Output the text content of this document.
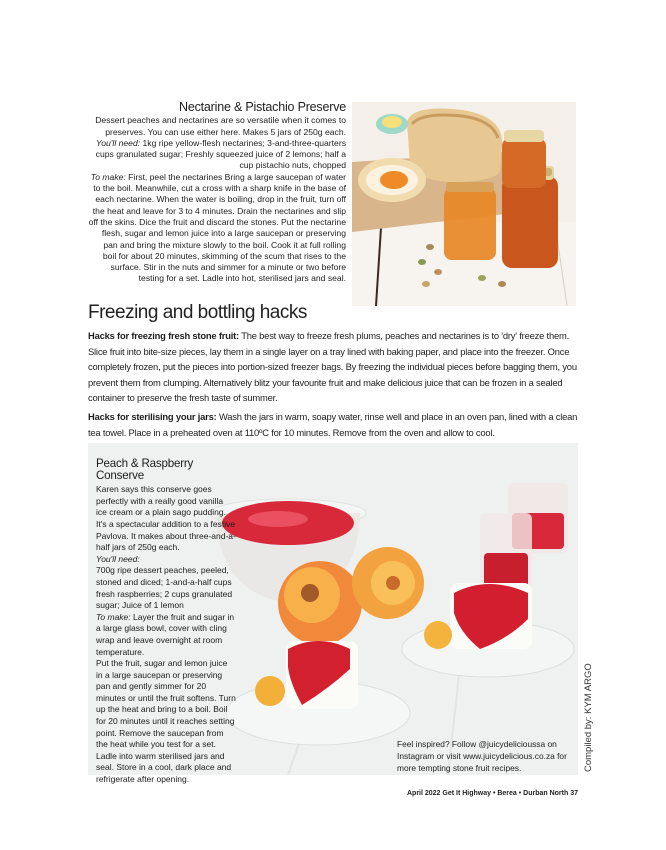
Nectarine & Pistachio Preserve

Dessert peaches and nectarines are so versatile when it comes to preserves. You can use either here. Makes 5 jars of 250g each.

You'll need: 1kg ripe yellow-flesh nectarines; 3-and-three-quarters cups granulated sugar; Freshly squeezed juice of 2 lemons; half a cup pistachio nuts, chopped

To make: First, peel the nectarines Bring a large saucepan of water to the boil. Meanwhile, cut a cross with a sharp knife in the base of each nectarine. When the water is boiling, drop in the fruit, turn off the heat and leave for 3 to 4 minutes. Drain the nectarines and slip off the skins. Dice the fruit and discard the stones. Put the nectarine flesh, sugar and lemon juice into a large saucepan or preserving pan and bring the mixture slowly to the boil. Cook it at full rolling boil for about 20 minutes, skimming of the scum that rises to the surface. Stir in the nuts and simmer for a minute or two before testing for a set. Ladle into hot, sterilised jars and seal.

Freezing and bottling hacks

Hacks for freezing fresh stone fruit: The best way to freeze fresh plums, peaches and nectarines is to 'dry' freeze them. Slice fruit into bite-size pieces, lay them in a single layer on a tray lined with baking paper, and place into the freezer. Once completely frozen, put the pieces into portion-sized freezer bags. By freezing the individual pieces before bagging them, you prevent them from clumping. Alternatively blitz your favourite fruit and make delicious juice that can be frozen in a sealed container to preserve the fresh taste of summer.

Hacks for sterilising your jars: Wash the jars in warm, soapy water, rinse well and place in an oven pan, lined with a clean tea towel. Place in a preheated oven at 110ºC for 10 minutes. Remove from the oven and allow to cool.

Peach & Raspberry Conserve

Karen says this conserve goes perfectly with a really good vanilla ice cream or a plain sago pudding. It's a spectacular addition to a festive Pavlova. It makes about three-and-a-half jars of 250g each.

You'll need:

700g ripe dessert peaches, peeled, stoned and diced; 1-and-a-half cups fresh raspberries; 2 cups granulated sugar; Juice of 1 lemon

To make: Layer the fruit and sugar in a large glass bowl, cover with cling wrap and leave overnight at room temperature.

Put the fruit, sugar and lemon juice in a large saucepan or preserving pan and gently simmer for 20 minutes or until the fruit softens. Turn up the heat and bring to a boil. Boil for 20 minutes until it reaches setting point. Remove the saucepan from the heat while you test for a set.

Ladle into warm sterilised jars and seal. Store in a cool, dark place and refrigerate after opening.

Feel inspired? Follow @juicydelicioussa on Instagram or visit www.juicydelicious.co.za for more tempting stone fruit recipes.	Compiled by: KYM ARGO
April 2022 Get It Highway • Berea • Durban North 37
